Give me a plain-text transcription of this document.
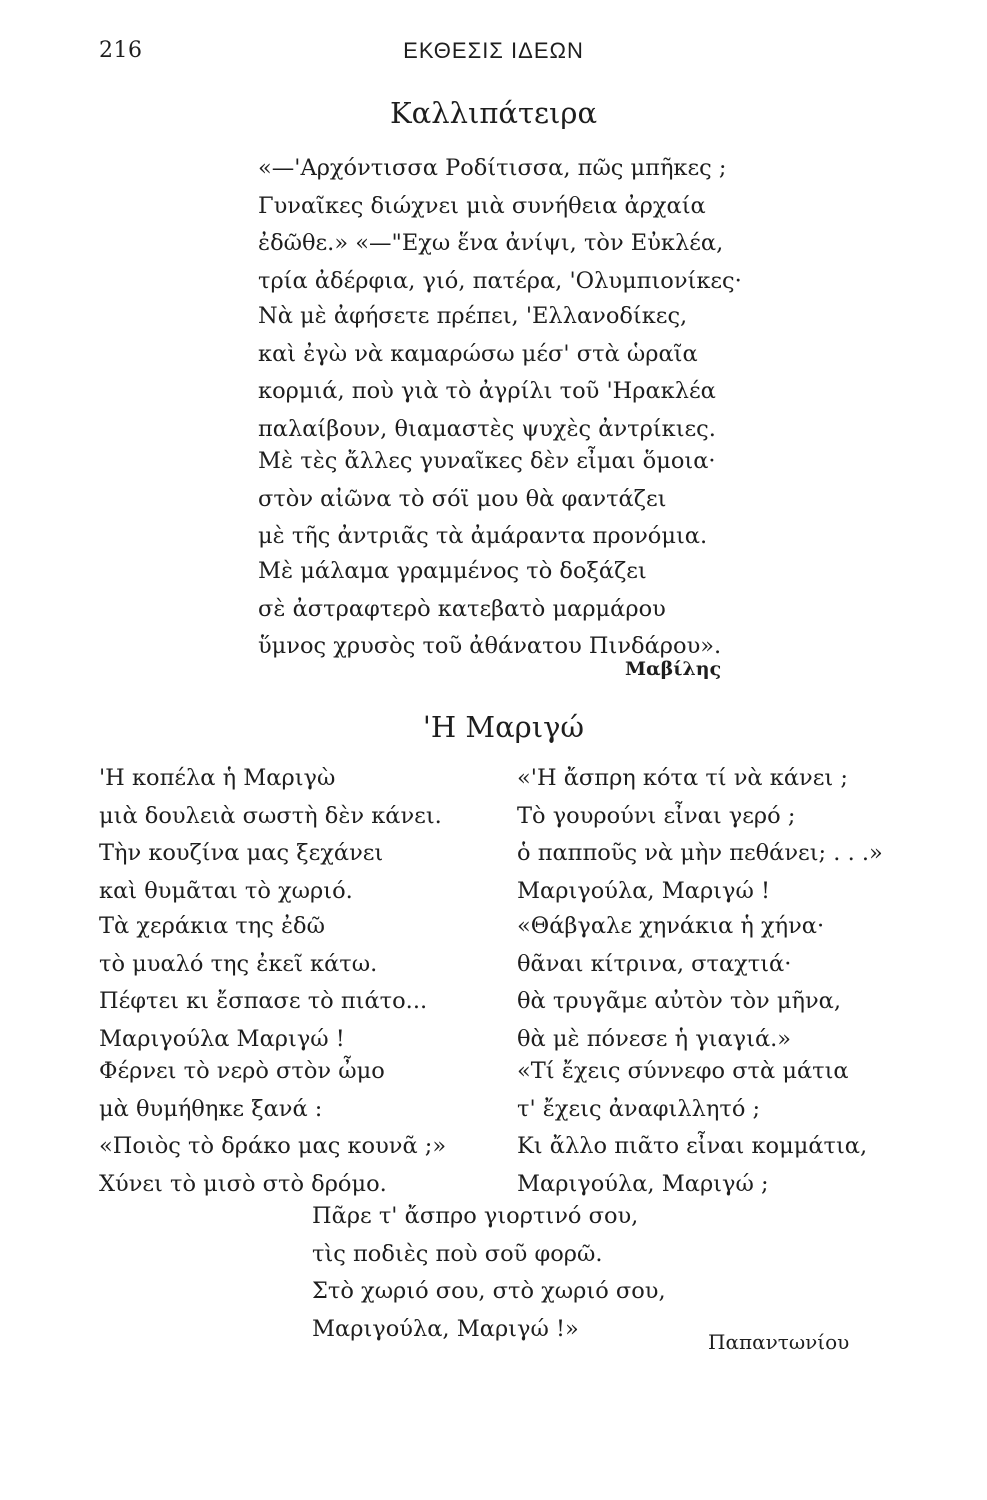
216	ΕΚΘΕΣΙΣ ΙΔΕΩΝ
Καλλιπάτειρα
«—'Αρχόντισσα Ροδίτισσα, πῶς μπῆκες ;
Γυναῖκες διώχνει μιὰ συνήθεια ἀρχαία
ἐδῶθε.» «—"Εχω ἕνα ἀνίψι, τὸν Εὐκλέα,
τρία ἀδέρφια, γιό, πατέρα, 'Ολυμπιονίκες·
Νὰ μὲ ἀφήσετε πρέπει, 'Ελλανοδίκες,
καὶ ἐγὼ νὰ καμαρώσω μέσ' στὰ ὡραῖα
κορμιά, ποὺ γιὰ τὸ ἀγρίλι τοῦ 'Ηρακλέα
παλαίβουν, θιαμαστὲς ψυχὲς ἀντρίκιες.
Μὲ τὲς ἄλλες γυναῖκες δὲν εἶμαι ὅμοια·
στὸν αἰῶνα τὸ σόϊ μου θὰ φαντάζει
μὲ τῆς ἀντριᾶς τὰ ἀμάραντα προνόμια.
Μὲ μάλαμα γραμμένος τὸ δοξάζει
σὲ ἀστραφτερὸ κατεβατὸ μαρμάρου
ὕμνος χρυσὸς τοῦ ἀθάνατου Πινδάρου».
Μαβίλης
'Η Μαριγώ
'Η κοπέλα ἡ Μαριγὼ
μιὰ δουλειὰ σωστὴ δὲν κάνει.
Τὴν κουζίνα μας ξεχάνει
καὶ θυμᾶται τὸ χωριό.
Τὰ χεράκια της ἐδῶ
τὸ μυαλό της ἐκεῖ κάτω.
Πέφτει κι ἔσπασε τὸ πιάτο...
Μαριγούλα Μαριγώ !
Φέρνει τὸ νερὸ στὸν ὦμο
μὰ θυμήθηκε ξανά :
«Ποιὸς τὸ δράκο μας κουνᾶ ;»
Χύνει τὸ μισὸ στὸ δρόμο.
«'Η ἄσπρη κότα τί νὰ κάνει ;
Τὸ γουρούνι εἶναι γερό ;
ὁ παπποῦς νὰ μὴν πεθάνει; . . .»
Μαριγούλα, Μαριγώ !
«Θάβγαλε χηνάκια ἡ χήνα·
θᾶναι κίτρινα, σταχτιά·
θὰ τρυγᾶμε αὐτὸν τὸν μῆνα,
θὰ μὲ πόνεσε ἡ γιαγιά.»
«Τί ἔχεις σύννεφο στὰ μάτια
τ' ἔχεις ἀναφιλλητό ;
Κι ἄλλο πιᾶτο εἶναι κομμάτια,
Μαριγούλα, Μαριγώ ;
Πᾶρε τ' ἄσπρο γιορτινό σου,
τὶς ποδιὲς ποὺ σοῦ φορῶ.
Στὸ χωριό σου, στὸ χωριό σου,
Μαριγούλα, Μαριγώ !»
Παπαντωνίου
